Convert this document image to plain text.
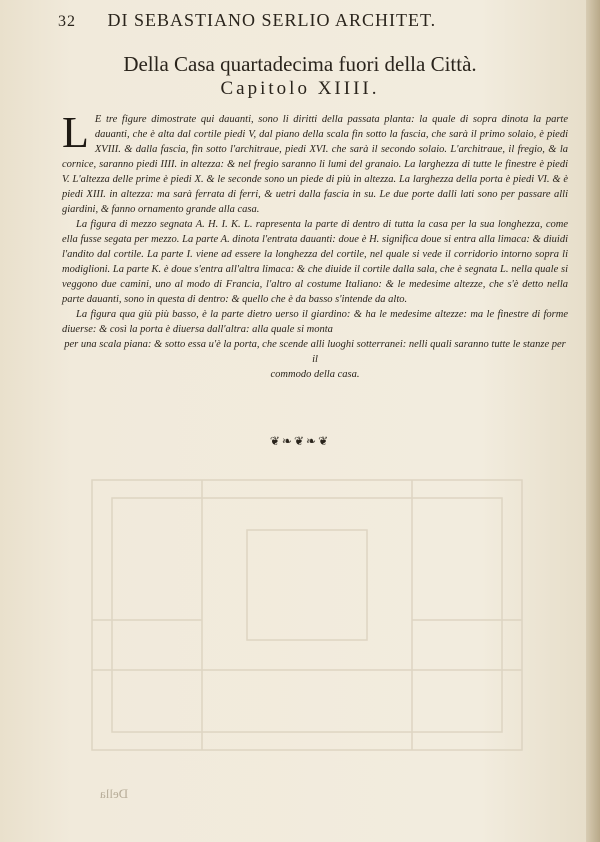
32 DI SEBASTIANO SERLIO ARCHITET.
Della Casa quartadecima fuori della Città.
Capitolo XIIII.

L E tre figure dimostrate qui dauanti, sono li diritti della passata planta: la quale di sopra dinota la parte dauanti, che è alta dal cortile piedi V, dal piano della scala fin sotto la fascia, che sarà il primo solaio, è piedi XVIII. & dalla fascia, fin sotto l'architraue, piedi XVI. che sarà il secondo solaio. L'architraue, il fregio, & la cornice, saranno piedi IIII. in altezza: & nel fregio saranno li lumi del granaio. La larghezza di tutte le finestre è piedi V. L'altezza delle prime è piedi X. & le seconde sono un piede di più in altezza. La larghezza della porta è piedi VI. & è piedi XIII. in altezza: ma sarà ferrata di ferri, & uetri dalla fascia in su. Le due porte dalli lati sono per passare alli giardini, & fanno ornamento grande alla casa.

La figura di mezzo segnata A. H. I. K. L. rapresenta la parte di dentro di tutta la casa per la sua longhezza, come ella fusse segata per mezzo. La parte A. dinota l'entrata dauanti: doue è H. significa doue si entra alla limaca: & diuidi l'andito dal cortile. La parte I. viene ad essere la longhezza del cortile, nel quale si vede il corridorio intorno sopra li modiglioni. La parte K. è doue s'entra all'altra limaca: & che diuide il cortile dalla sala, che è segnata L. nella quale si veggono due camini, uno al modo di Francia, l'altro al costume Italiano: & le medesime altezze, che s'è detto nella parte dauanti, sono in questa di dentro: & quello che è da basso s'intende da alto.

La figura qua giù più basso, è la parte dietro uerso il giardino: & ha le medesime altezze: ma le finestre di forme diuerse: & così la porta è diuersa dall'altra: alla quale si monta

per una scala piana: & sotto essa u'è la porta, che scende alli luoghi sotterranei: nelli quali saranno tutte le stanze per il

commodo della casa.

❦❧❦❧❦
Della
